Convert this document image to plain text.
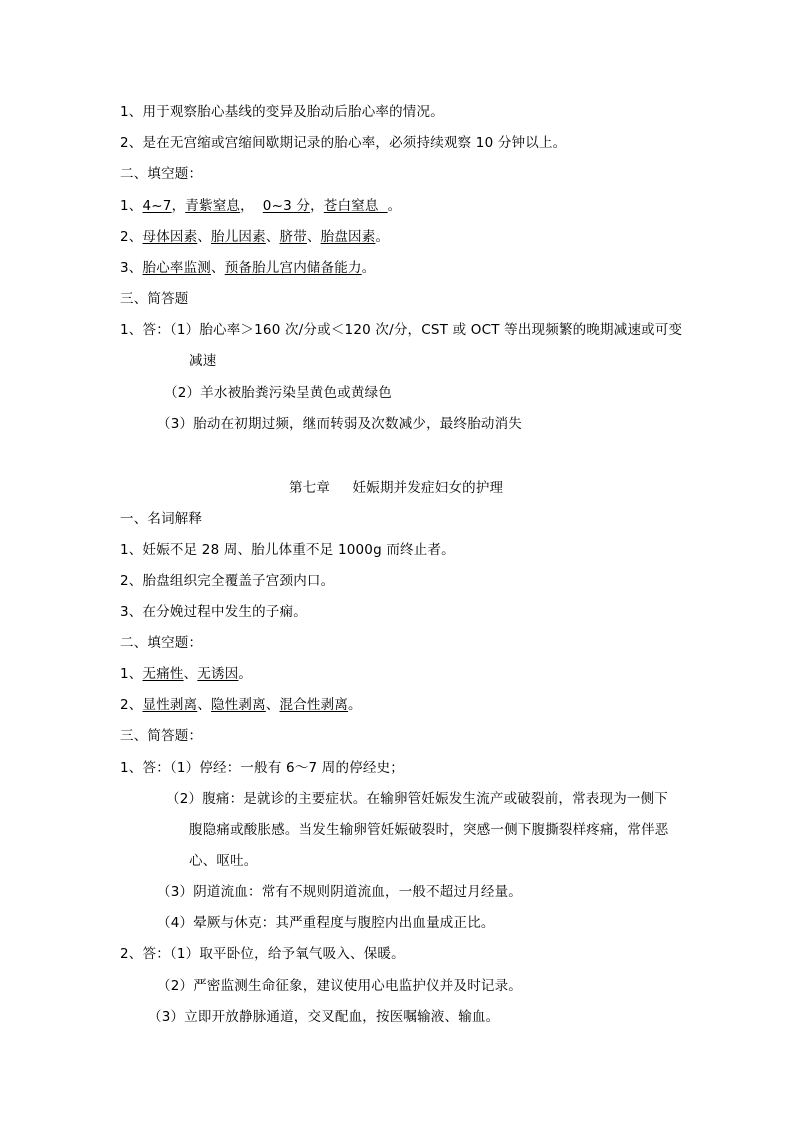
1、用于观察胎心基线的变异及胎动后胎心率的情况。
2、是在无宫缩或宫缩间歇期记录的胎心率，必须持续观察 10 分钟以上。
二、填空题：
1、4~7，青紫窒息，  0~3 分，苍白窒息  。
2、母体因素、胎儿因素、脐带、胎盘因素。
3、胎心率监测、预备胎儿宫内储备能力。
三、简答题
1、答：（1）胎心率＞160 次/分或＜120 次/分，CST 或 OCT 等出现频繁的晚期减速或可变
减速
（2）羊水被胎粪污染呈黄色或黄绿色
（3）胎动在初期过频，继而转弱及次数减少，最终胎动消失
第七章     妊娠期并发症妇女的护理
一、名词解释
1、妊娠不足 28 周、胎儿体重不足 1000g 而终止者。
2、胎盘组织完全覆盖子宫颈内口。
3、在分娩过程中发生的子痫。
二、填空题：
1、无痛性、无诱因。
2、显性剥离、隐性剥离、混合性剥离。
三、简答题：
1、答：（1）停经：一般有 6～7 周的停经史；
（2）腹痛：是就诊的主要症状。在输卵管妊娠发生流产或破裂前，常表现为一侧下
腹隐痛或酸胀感。当发生输卵管妊娠破裂时，突感一侧下腹撕裂样疼痛，常伴恶
心、呕吐。
（3）阴道流血：常有不规则阴道流血，一般不超过月经量。
（4）晕厥与休克：其严重程度与腹腔内出血量成正比。
2、答：（1）取平卧位，给予氧气吸入、保暖。
（2）严密监测生命征象，建议使用心电监护仪并及时记录。
（3）立即开放静脉通道，交叉配血，按医嘱输液、输血。
